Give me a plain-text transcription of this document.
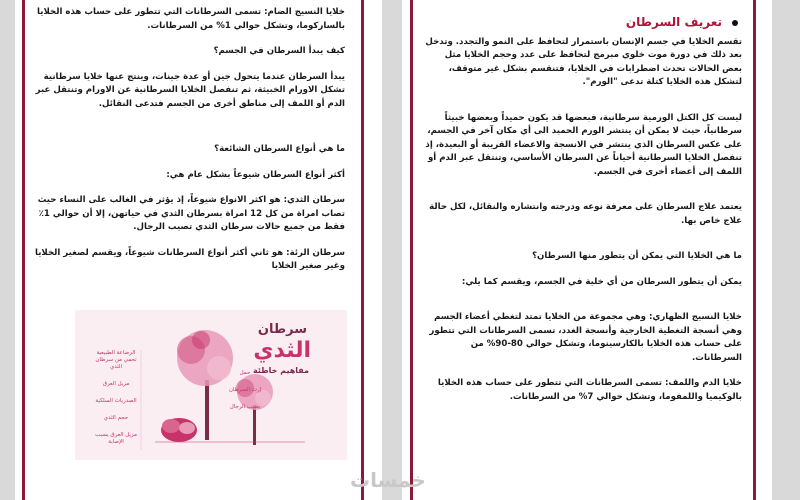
خلايا النسيج الضام: تسمى السرطانات التي تتطور على حساب هذه الخلايا بالساركوما، وتشكل حوالي 1% من السرطانات.

كيف يبدأ السرطان في الجسم؟

يبدأ السرطان عندما يتحول جين أو عدة جينات، وينتج عنها خلايا سرطانية تشكل الاورام الخبيثة، ثم تنفصل الخلايا السرطانية عن الاورام وتنتقل عبر الدم أو اللمف إلى مناطق أخرى من الجسم فتدعى النقائل.

ما هي أنواع السرطان الشائعة؟

أكثر أنواع السرطان شيوعاً بشكل عام هي:

سرطان الثدي: هو اكثر الانواع شيوعاً، إذ يؤثر في الغالب على النساء حيث تصاب امراة من كل 12 امراة بسرطان الثدي في حياتهن، إلا أن حوالي 1٪ فقط من جميع حالات سرطان الثدي تصيب الرجال.

سرطان الرئة: هو ثاني أكثر أنواع السرطانات شيوعاً، ويقسم لصغير الخلايا وغير صغير الخلايا

سرطان
الثدي
مفاهيم خاطئة
الرضاعة الطبيعية تحمي من سرطان الثدي
مزيل العرق
الصدريات السلكية
حجم الثدي
مزيل العرق يسبب الإصابة
حمل
إرث السرطان
يصيب الرجال
تعريف السرطان

تقسم الخلايا في جسم الإنسان باستمرار لتحافظ على النمو والتجدد. وتدخل بعد ذلك في دورة موت خلوي مبرمج لتحافظ على عدد وحجم الخلايا مثل بعض الحالات تحدث اضطرابات في الخلايا، فتنقسم بشكل غير متوقف، لتشكل هذه الخلايا كتلة تدعى "الورم".

ليست كل الكتل الورمية سرطانية، فبعضها قد يكون حميداً وبعضها خبيثاً سرطانياً، حيث لا يمكن أن ينتشر الورم الحميد الى أي مكان آخر في الجسم، على عكس السرطان الذي ينتشر في الانسجة والاعضاء القريبة أو البعيدة، إذ تنفصل الخلايا السرطانية أحياناً عن السرطان الأساسي، وتنتقل عبر الدم أو اللمف إلى أعضاء أخرى في الجسم.

يعتمد علاج السرطان على معرفة نوعه ودرجته وانتشاره والنقائل، لكل حالة علاج خاص بها.

ما هي الخلايا التي يمكن أن يتطور منها السرطان؟

يمكن أن يتطور السرطان من أي خلية في الجسم، ويقسم كما يلي:

خلايا النسيج الظهاري: وهي مجموعة من الخلايا تمتد لتغطي أعضاء الجسم وهي أنسجة التغطية الخارجية وأنسجة الغدد، تسمى السرطانات التي تتطور على حساب هذه الخلايا بالكارسينوما، وتشكل حوالي 80-90% من السرطانات.

خلايا الدم واللمف: تسمى السرطانات التي تتطور على حساب هذه الخلايا بالوكيميا واللمفوما، وتشكل حوالي 7% من السرطانات.

خمسات
